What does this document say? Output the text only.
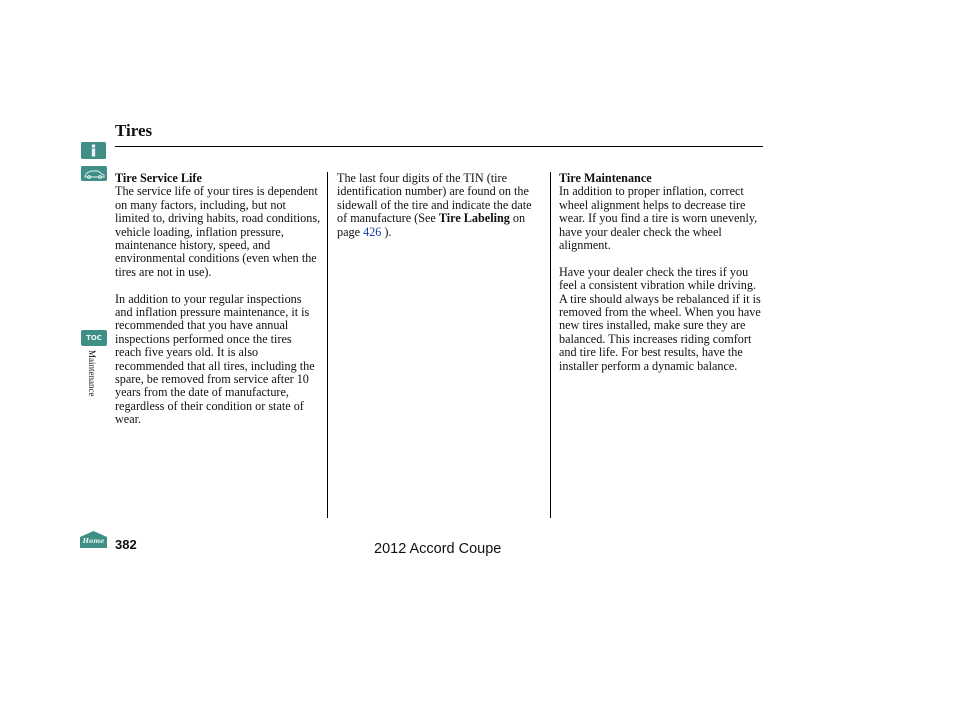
Tires
TOC
Maintenance
Home

Tire Service Life
The service life of your tires is dependent on many factors, including, but not limited to, driving habits, road conditions, vehicle loading, inflation pressure, maintenance history, speed, and environmental conditions (even when the tires are not in use).

In addition to your regular inspections and inflation pressure maintenance, it is recommended that you have annual inspections performed once the tires reach five years old. It is also recommended that all tires, including the spare, be removed from service after 10 years from the date of manufacture, regardless of their condition or state of wear.

The last four digits of the TIN (tire identification number) are found on the sidewall of the tire and indicate the date of manufacture (See Tire Labeling on page 426 ).

Tire Maintenance
In addition to proper inflation, correct wheel alignment helps to decrease tire wear. If you find a tire is worn unevenly, have your dealer check the wheel alignment.

Have your dealer check the tires if you feel a consistent vibration while driving. A tire should always be rebalanced if it is removed from the wheel. When you have new tires installed, make sure they are balanced. This increases riding comfort and tire life. For best results, have the installer perform a dynamic balance.

382	2012 Accord Coupe
